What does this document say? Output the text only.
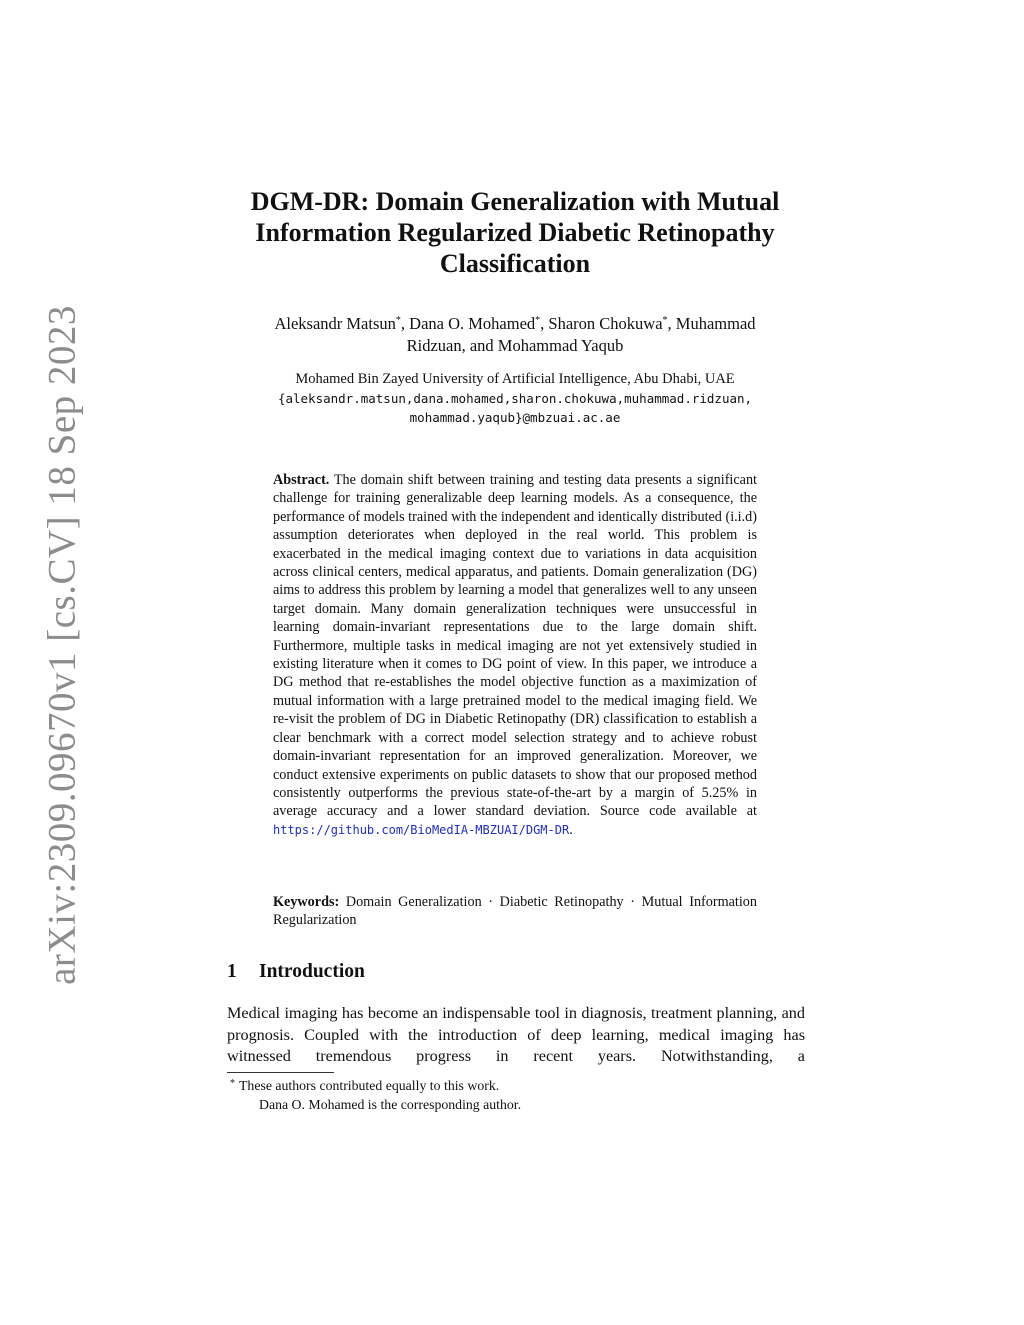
arXiv:2309.09670v1 [cs.CV] 18 Sep 2023
DGM-DR: Domain Generalization with Mutual Information Regularized Diabetic Retinopathy Classification
Aleksandr Matsun*, Dana O. Mohamed*, Sharon Chokuwa*, Muhammad
Ridzuan, and Mohammad Yaqub
Mohamed Bin Zayed University of Artificial Intelligence, Abu Dhabi, UAE
{aleksandr.matsun,dana.mohamed,sharon.chokuwa,muhammad.ridzuan,
mohammad.yaqub}@mbzuai.ac.ae
Abstract. The domain shift between training and testing data presents a significant challenge for training generalizable deep learning models. As a consequence, the performance of models trained with the independent and identically distributed (i.i.d) assumption deteriorates when deployed in the real world. This problem is exacerbated in the medical imaging context due to variations in data acquisition across clinical centers, medical apparatus, and patients. Domain generalization (DG) aims to address this problem by learning a model that generalizes well to any unseen target domain. Many domain generalization techniques were unsuccessful in learning domain-invariant representations due to the large domain shift. Furthermore, multiple tasks in medical imaging are not yet extensively studied in existing literature when it comes to DG point of view. In this paper, we introduce a DG method that re-establishes the model objective function as a maximization of mutual information with a large pretrained model to the medical imaging field. We re-visit the problem of DG in Diabetic Retinopathy (DR) classification to establish a clear benchmark with a correct model selection strategy and to achieve robust domain-invariant representation for an improved generalization. Moreover, we conduct extensive experiments on public datasets to show that our proposed method consistently outperforms the previous state-of-the-art by a margin of 5.25% in average accuracy and a lower standard deviation. Source code available at https://github.com/BioMedIA-MBZUAI/DGM-DR.
Keywords: Domain Generalization · Diabetic Retinopathy · Mutual Information Regularization
1 Introduction
Medical imaging has become an indispensable tool in diagnosis, treatment planning, and prognosis. Coupled with the introduction of deep learning, medical imaging has witnessed tremendous progress in recent years. Notwithstanding, a
* These authors contributed equally to this work.
Dana O. Mohamed is the corresponding author.
